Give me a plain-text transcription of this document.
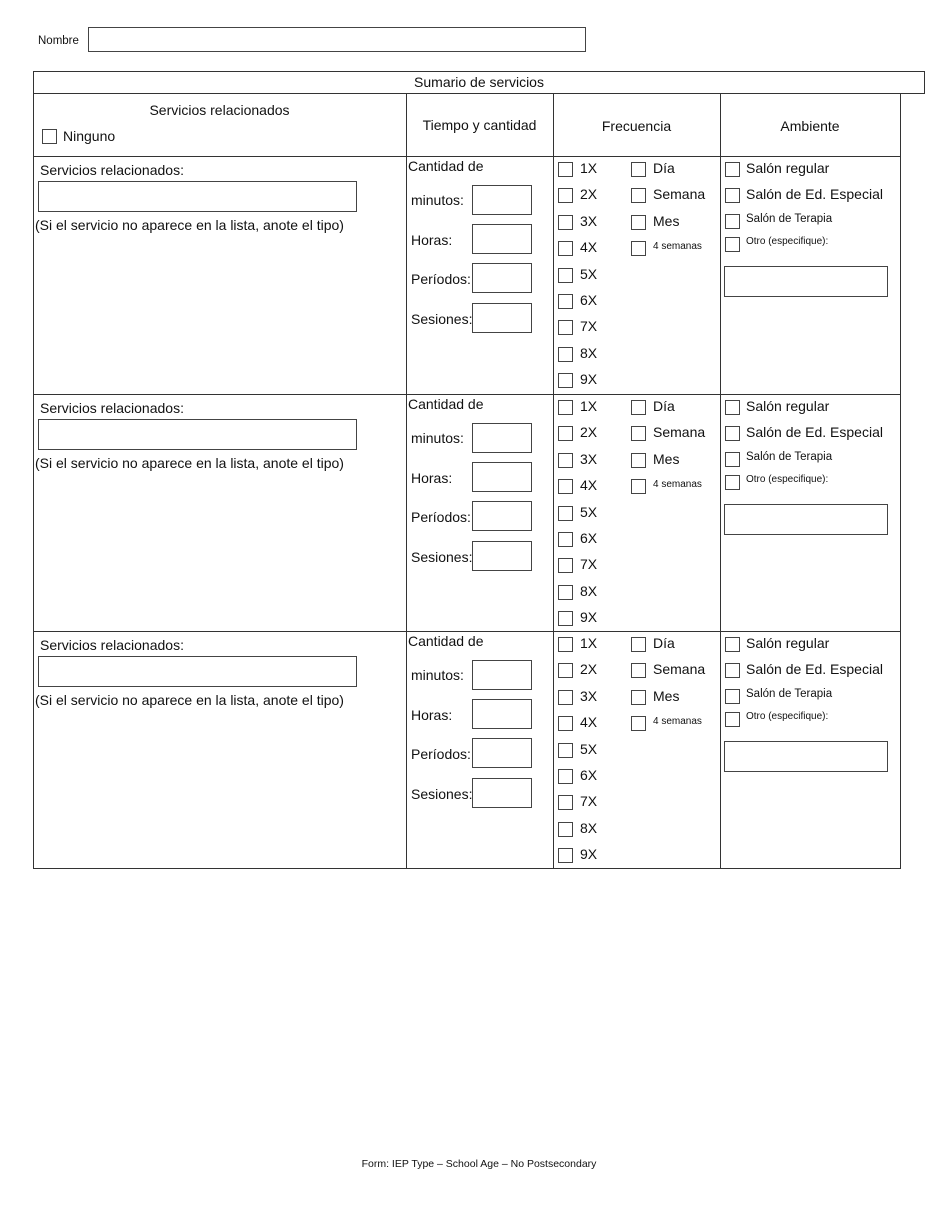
Nombre
Sumario de servicios
Servicios relacionados
Ninguno
Tiempo y cantidad	Frecuencia	Ambiente
Servicios relacionados:
(Si el servicio no aparece en la lista, anote el tipo)
Cantidad de
minutos:
Horas:
Períodos:
Sesiones:
1X
2X
3X
4X
5X
6X
7X
8X
9X
Día
Semana
Mes
4 semanas
Salón regular
Salón de Ed. Especial
Salón de Terapia
Otro (especifique):
Servicios relacionados:
(Si el servicio no aparece en la lista, anote el tipo)
Cantidad de
minutos:
Horas:
Períodos:
Sesiones:
1X
2X
3X
4X
5X
6X
7X
8X
9X
Día
Semana
Mes
4 semanas
Salón regular
Salón de Ed. Especial
Salón de Terapia
Otro (especifique):
Servicios relacionados:
(Si el servicio no aparece en la lista, anote el tipo)
Cantidad de
minutos:
Horas:
Períodos:
Sesiones:
1X
2X
3X
4X
5X
6X
7X
8X
9X
Día
Semana
Mes
4 semanas
Salón regular
Salón de Ed. Especial
Salón de Terapia
Otro (especifique):
Form: IEP Type – School Age – No Postsecondary
